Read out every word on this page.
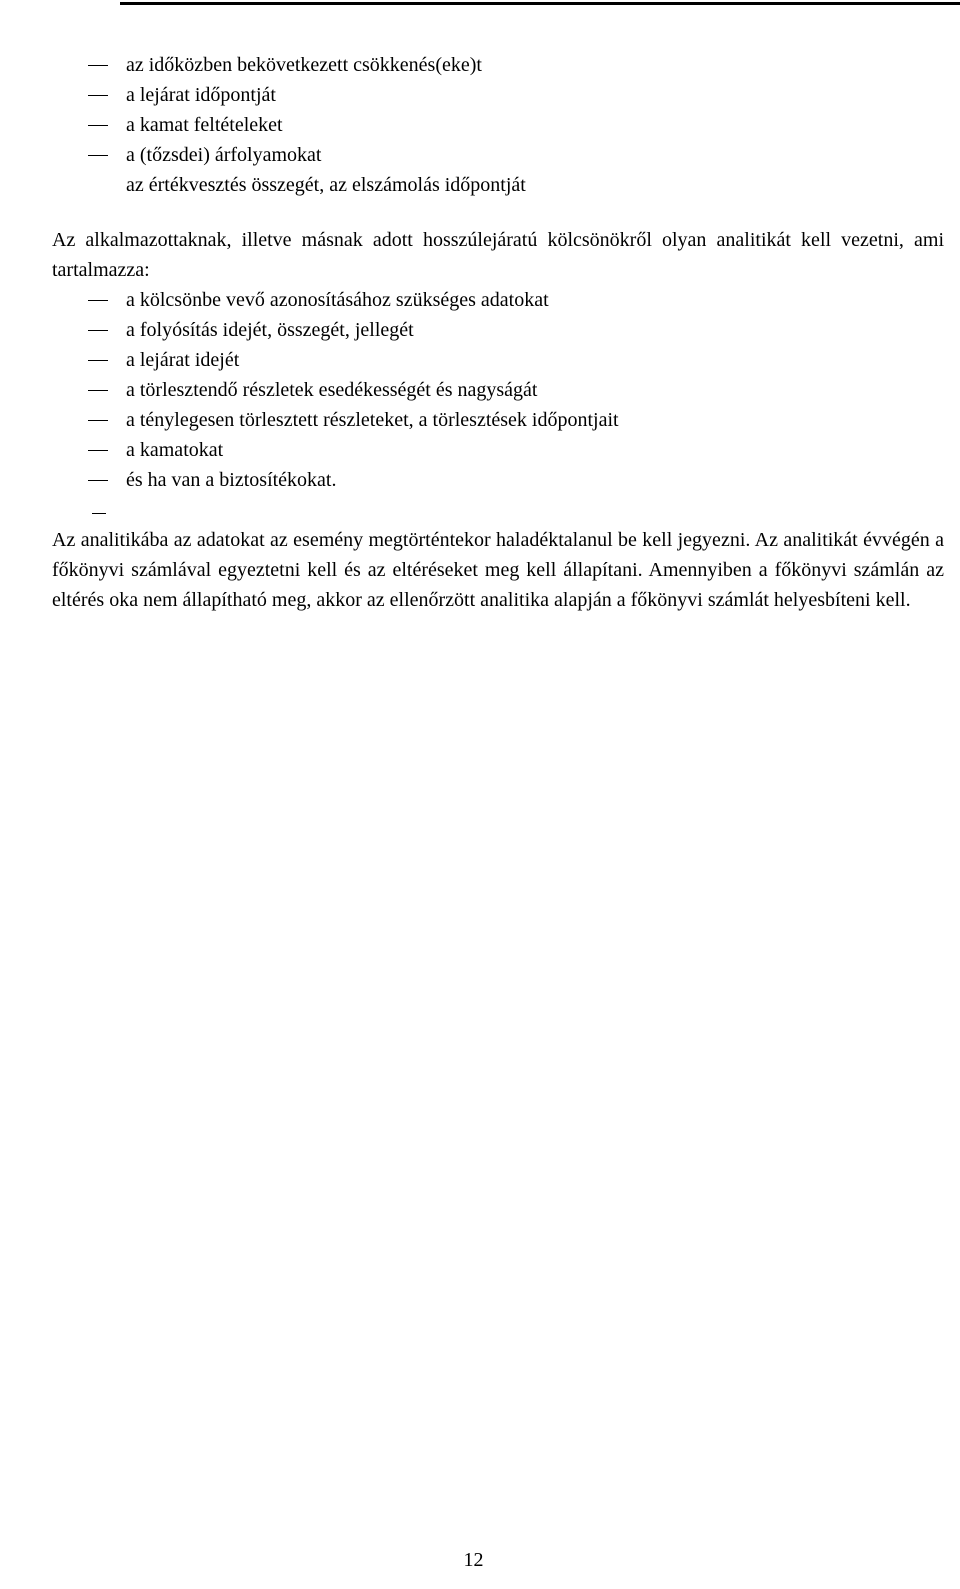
az időközben bekövetkezett csökkenés(eke)t
a lejárat időpontját
a kamat feltételeket
a (tőzsdei) árfolyamokat
az értékvesztés összegét, az elszámolás időpontját

Az alkalmazottaknak, illetve másnak adott hosszúlejáratú kölcsönökről olyan analitikát kell vezetni, ami tartalmazza:

a kölcsönbe vevő azonosításához szükséges adatokat
a folyósítás idejét, összegét, jellegét
a lejárat idejét
a törlesztendő részletek esedékességét és nagyságát
a ténylegesen törlesztett részleteket, a törlesztések időpontjait
a kamatokat
és ha van a biztosítékokat.

Az analitikába az adatokat az esemény megtörténtekor haladéktalanul be kell jegyezni. Az analitikát évvégén a főkönyvi számlával egyeztetni kell és az eltéréseket meg kell állapítani. Amennyiben a főkönyvi számlán az eltérés oka nem állapítható meg, akkor az ellenőrzött analitika alapján a főkönyvi számlát helyesbíteni kell.

12
